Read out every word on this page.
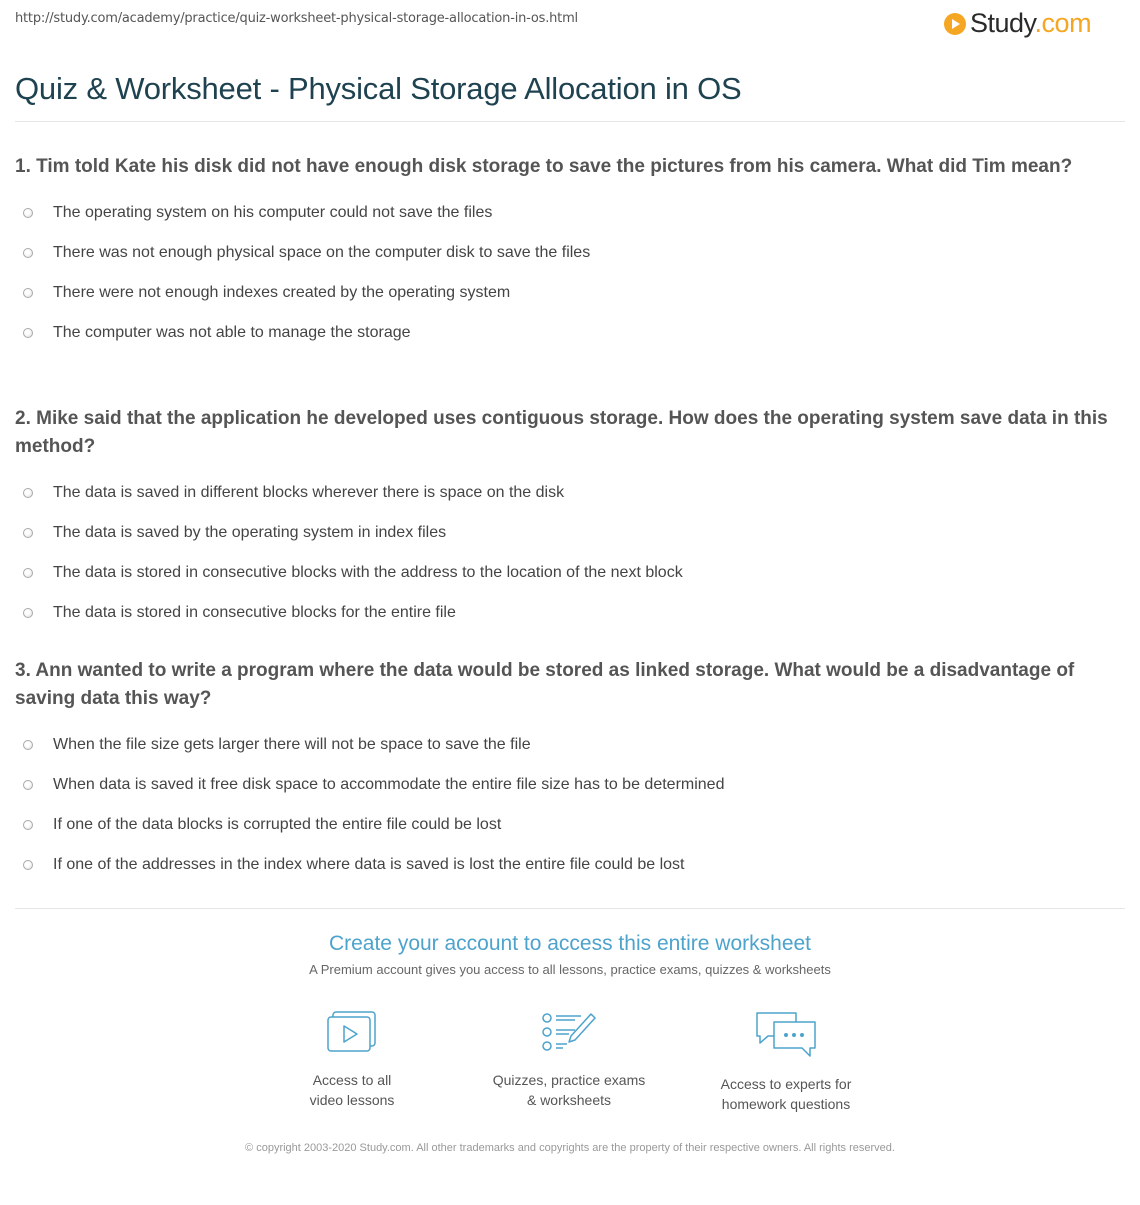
http://study.com/academy/practice/quiz-worksheet-physical-storage-allocation-in-os.html	Study.com
Quiz & Worksheet - Physical Storage Allocation in OS

1. Tim told Kate his disk did not have enough disk storage to save the pictures from his camera. What did Tim mean?

The operating system on his computer could not save the files
There was not enough physical space on the computer disk to save the files
There were not enough indexes created by the operating system
The computer was not able to manage the storage

2. Mike said that the application he developed uses contiguous storage. How does the operating system save data in this method?

The data is saved in different blocks wherever there is space on the disk
The data is saved by the operating system in index files
The data is stored in consecutive blocks with the address to the location of the next block
The data is stored in consecutive blocks for the entire file

3. Ann wanted to write a program where the data would be stored as linked storage. What would be a disadvantage of saving data this way?

When the file size gets larger there will not be space to save the file
When data is saved it free disk space to accommodate the entire file size has to be determined
If one of the data blocks is corrupted the entire file could be lost
If one of the addresses in the index where data is saved is lost the entire file could be lost

Create your account to access this entire worksheet

A Premium account gives you access to all lessons, practice exams, quizzes & worksheets

Access to all
video lessons
Quizzes, practice exams
& worksheets
Access to experts for
homework questions
© copyright 2003-2020 Study.com. All other trademarks and copyrights are the property of their respective owners. All rights reserved.
